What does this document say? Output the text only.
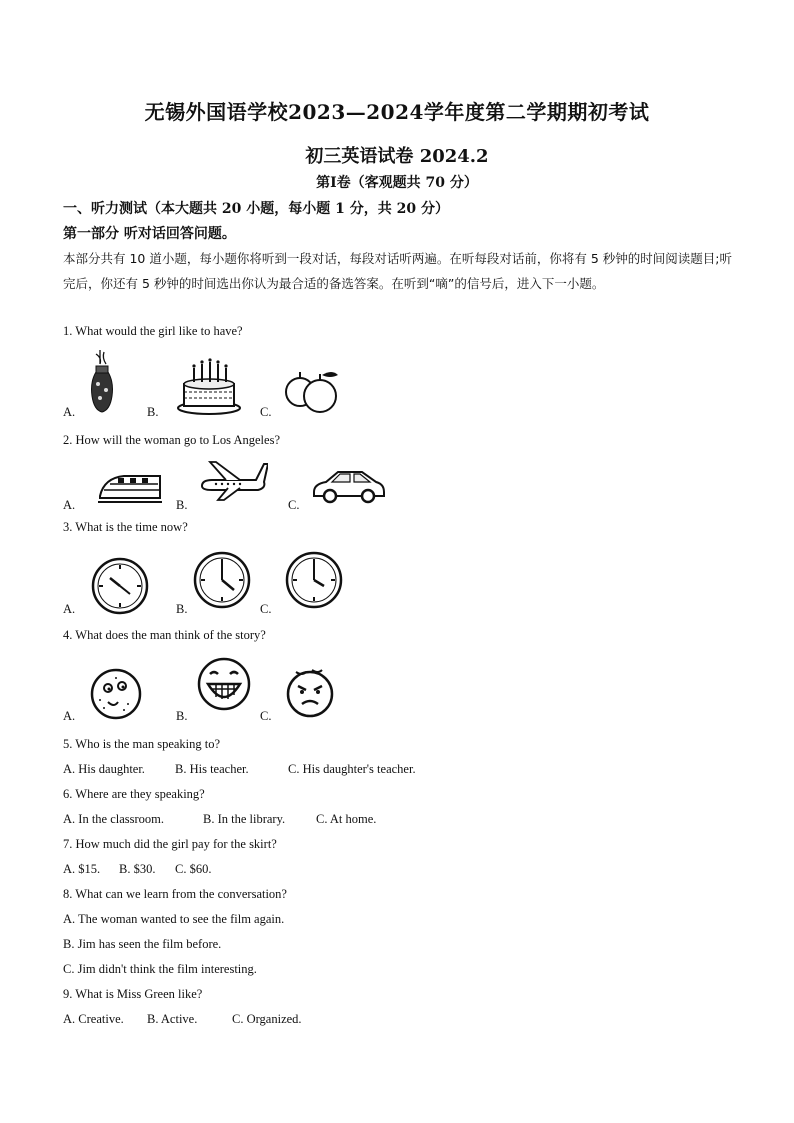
无锡外国语学校2023—2024学年度第二学期期初考试
初三英语试卷 2024.2
第Ⅰ卷（客观题共 70 分）
一、听力测试（本大题共 20 小题，每小题 1 分，共 20 分）
第一部分 听对话回答问题。
本部分共有 10 道小题，每小题你将听到一段对话，每段对话听两遍。在听每段对话前，你将有 5 秒钟的时间阅读题目;听完后，你还有 5 秒钟的时间选出你认为最合适的备选答案。在听到“嘀”的信号后，进入下一小题。
1. What would the girl like to have?
A.	B.	C.
2. How will the woman go to Los Angeles?
A.	B.	C.
3. What is the time now?
A.	B.	C.
4. What does the man think of the story?
A.	B.	C.
5. Who is the man speaking to?
A. His daughter. B. His teacher.	C. His daughter's teacher.
6. Where are they speaking?
A. In the classroom.	B. In the library. C. At home.
7. How much did the girl pay for the skirt?
A. $15. B. $30. C. $60.
8. What can we learn from the conversation?
A. The woman wanted to see the film again.
B. Jim has seen the film before.
C. Jim didn't think the film interesting.
9. What is Miss Green like?
A. Creative. B. Active.	C. Organized.
